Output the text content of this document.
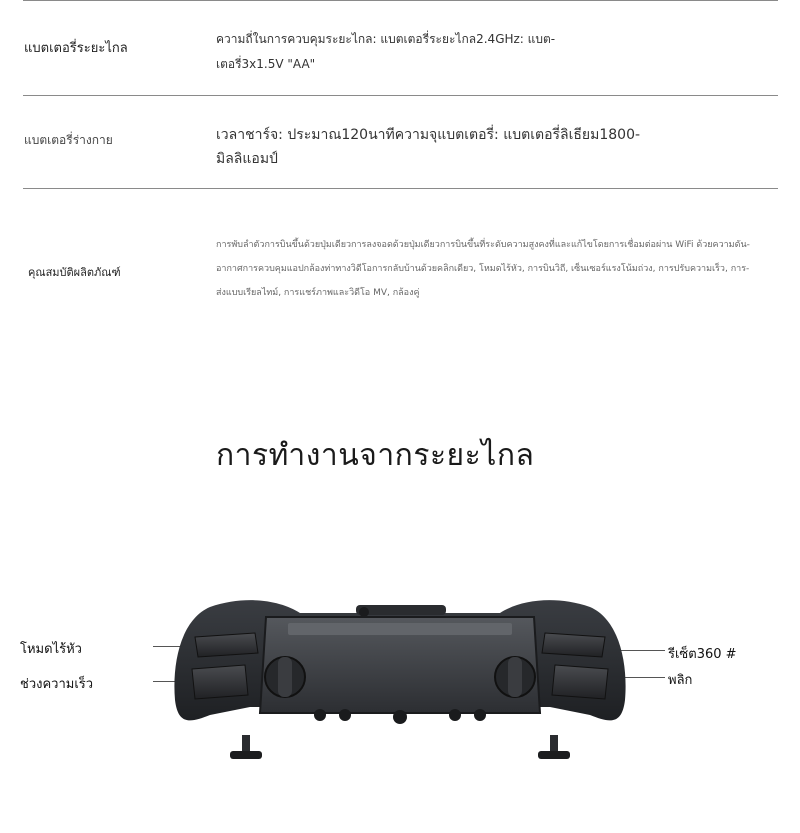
แบตเตอรี่ระยะไกล

ความถี่ในการควบคุมระยะไกล: แบตเตอรี่ระยะไกล2.4GHz: แบต-

เตอรี่3x1.5V "AA"

แบตเตอรี่ร่างกาย	เวลาชาร์จ: ประมาณ120นาทีความจุแบตเตอรี่: แบตเตอรี่ลิเธียม1800-

มิลลิแอมป์

คุณสมบัติผลิตภัณฑ์

การพับลำตัวการบินขึ้นด้วยปุ่มเดียวการลงจอดด้วยปุ่มเดียวการบินขึ้นที่ระดับความสูงคงที่และแก้ไขโดยการเชื่อมต่อผ่าน WiFi ด้วยความดัน-

อากาศการควบคุมแอปกล้องท่าทางวิดีโอการกลับบ้านด้วยคลิกเดียว, โหมดไร้หัว, การบินวิถี, เซ็นเซอร์แรงโน้มถ่วง, การปรับความเร็ว, การ-

ส่งแบบเรียลไทม์, การแชร์ภาพและวิดีโอ MV, กล้องคู่

การทำงานจากระยะไกล
โหมดไร้หัว
ช่วงความเร็ว
รีเซ็ต360 #
พลิก
